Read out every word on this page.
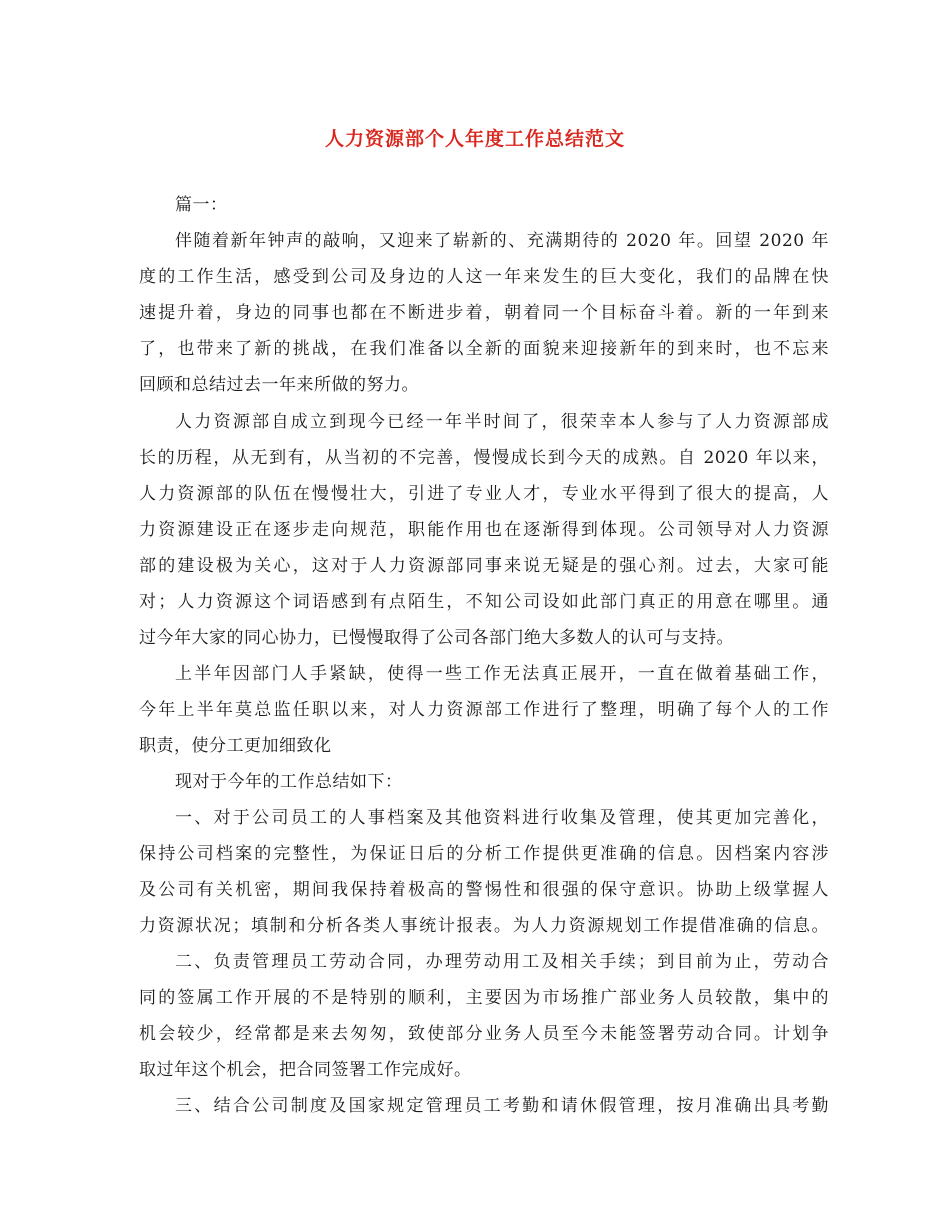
人力资源部个人年度工作总结范文

篇一：

伴随着新年钟声的敲响，又迎来了崭新的、充满期待的 2020 年。回望 2020 年

度的工作生活，感受到公司及身边的人这一年来发生的巨大变化，我们的品牌在快

速提升着，身边的同事也都在不断进步着，朝着同一个目标奋斗着。新的一年到来

了，也带来了新的挑战，在我们准备以全新的面貌来迎接新年的到来时，也不忘来

回顾和总结过去一年来所做的努力。

人力资源部自成立到现今已经一年半时间了，很荣幸本人参与了人力资源部成

长的历程，从无到有，从当初的不完善，慢慢成长到今天的成熟。自 2020 年以来，

人力资源部的队伍在慢慢壮大，引进了专业人才，专业水平得到了很大的提高，人

力资源建设正在逐步走向规范，职能作用也在逐渐得到体现。公司领导对人力资源

部的建设极为关心，这对于人力资源部同事来说无疑是的强心剂。过去，大家可能

对；人力资源这个词语感到有点陌生，不知公司设如此部门真正的用意在哪里。通

过今年大家的同心协力，已慢慢取得了公司各部门绝大多数人的认可与支持。

上半年因部门人手紧缺，使得一些工作无法真正展开，一直在做着基础工作，

今年上半年莫总监任职以来，对人力资源部工作进行了整理，明确了每个人的工作

职责，使分工更加细致化

现对于今年的工作总结如下：

一、对于公司员工的人事档案及其他资料进行收集及管理，使其更加完善化，

保持公司档案的完整性，为保证日后的分析工作提供更准确的信息。因档案内容涉

及公司有关机密，期间我保持着极高的警惕性和很强的保守意识。协助上级掌握人

力资源状况；填制和分析各类人事统计报表。为人力资源规划工作提借准确的信息。

二、负责管理员工劳动合同，办理劳动用工及相关手续；到目前为止，劳动合

同的签属工作开展的不是特别的顺利，主要因为市场推广部业务人员较散，集中的

机会较少，经常都是来去匆匆，致使部分业务人员至今未能签署劳动合同。计划争

取过年这个机会，把合同签署工作完成好。

三、结合公司制度及国家规定管理员工考勤和请休假管理，按月准确出具考勤
